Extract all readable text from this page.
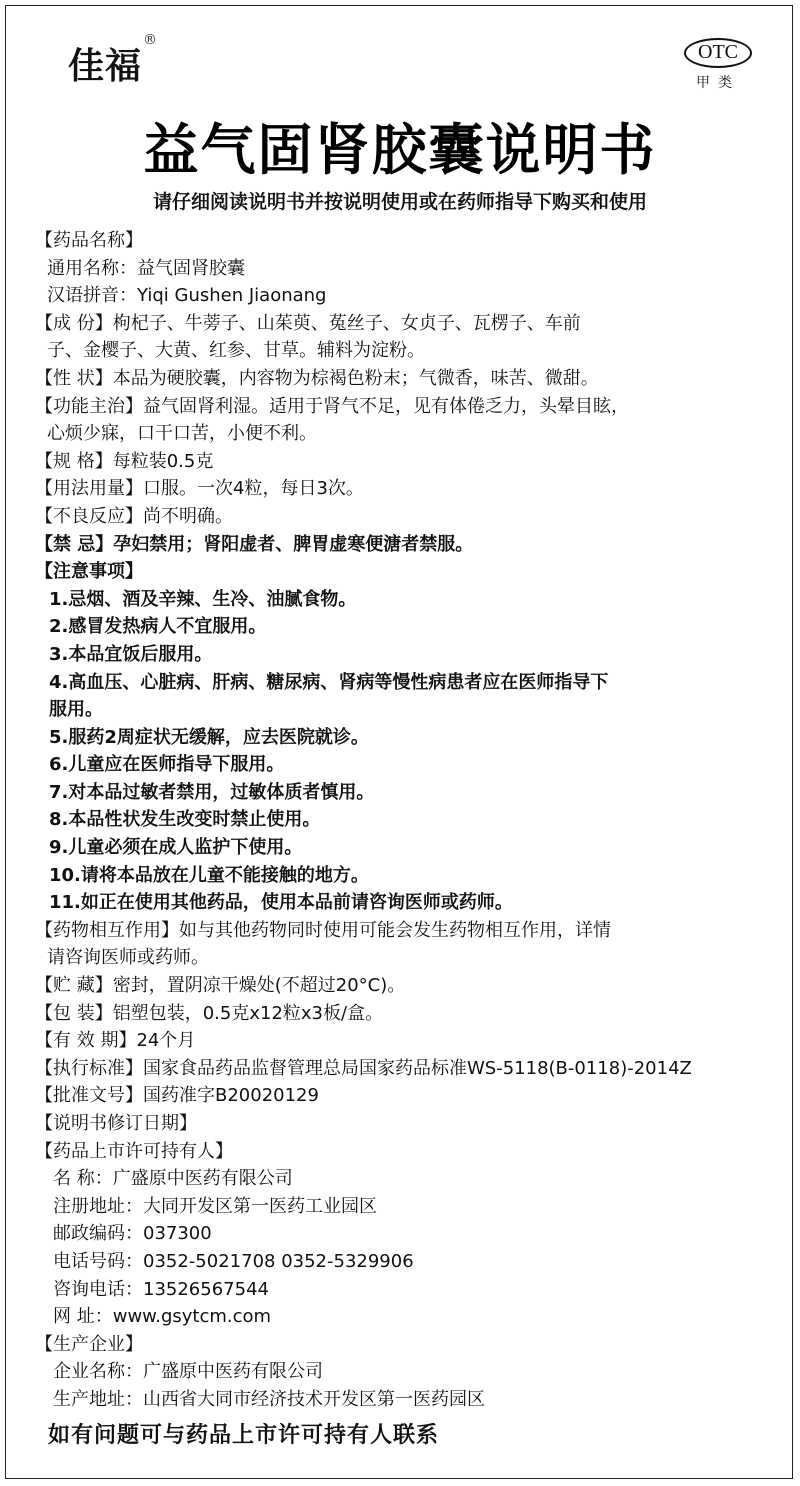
佳福
®
OTC
甲类
益气固肾胶囊说明书
请仔细阅读说明书并按说明使用或在药师指导下购买和使用
【药品名称】
通用名称：益气固肾胶囊
汉语拼音：Yiqi Gushen Jiaonang
【成 份】枸杞子、牛蒡子、山茱萸、菟丝子、女贞子、瓦楞子、车前
子、金樱子、大黄、红参、甘草。辅料为淀粉。
【性 状】本品为硬胶囊，内容物为棕褐色粉末；气微香，味苦、微甜。
【功能主治】益气固肾利湿。适用于肾气不足，见有体倦乏力，头晕目眩，
心烦少寐，口干口苦，小便不利。
【规 格】每粒装0.5克
【用法用量】口服。一次4粒，每日3次。
【不良反应】尚不明确。
【禁 忌】孕妇禁用；肾阳虚者、脾胃虚寒便溏者禁服。
【注意事项】
1.忌烟、酒及辛辣、生冷、油腻食物。
2.感冒发热病人不宜服用。
3.本品宜饭后服用。
4.高血压、心脏病、肝病、糖尿病、肾病等慢性病患者应在医师指导下
服用。
5.服药2周症状无缓解，应去医院就诊。
6.儿童应在医师指导下服用。
7.对本品过敏者禁用，过敏体质者慎用。
8.本品性状发生改变时禁止使用。
9.儿童必须在成人监护下使用。
10.请将本品放在儿童不能接触的地方。
11.如正在使用其他药品，使用本品前请咨询医师或药师。
【药物相互作用】如与其他药物同时使用可能会发生药物相互作用，详情
请咨询医师或药师。
【贮 藏】密封，置阴凉干燥处(不超过20°C)。
【包 装】铝塑包装，0.5克x12粒x3板/盒。
【有 效 期】24个月
【执行标准】国家食品药品监督管理总局国家药品标准WS-5118(B-0118)-2014Z
【批准文号】国药准字B20020129
【说明书修订日期】
【药品上市许可持有人】
名 称：广盛原中医药有限公司
注册地址：大同开发区第一医药工业园区
邮政编码：037300
电话号码：0352-5021708 0352-5329906
咨询电话：13526567544
网 址：www.gsytcm.com
【生产企业】
企业名称：广盛原中医药有限公司
生产地址：山西省大同市经济技术开发区第一医药园区
如有问题可与药品上市许可持有人联系
